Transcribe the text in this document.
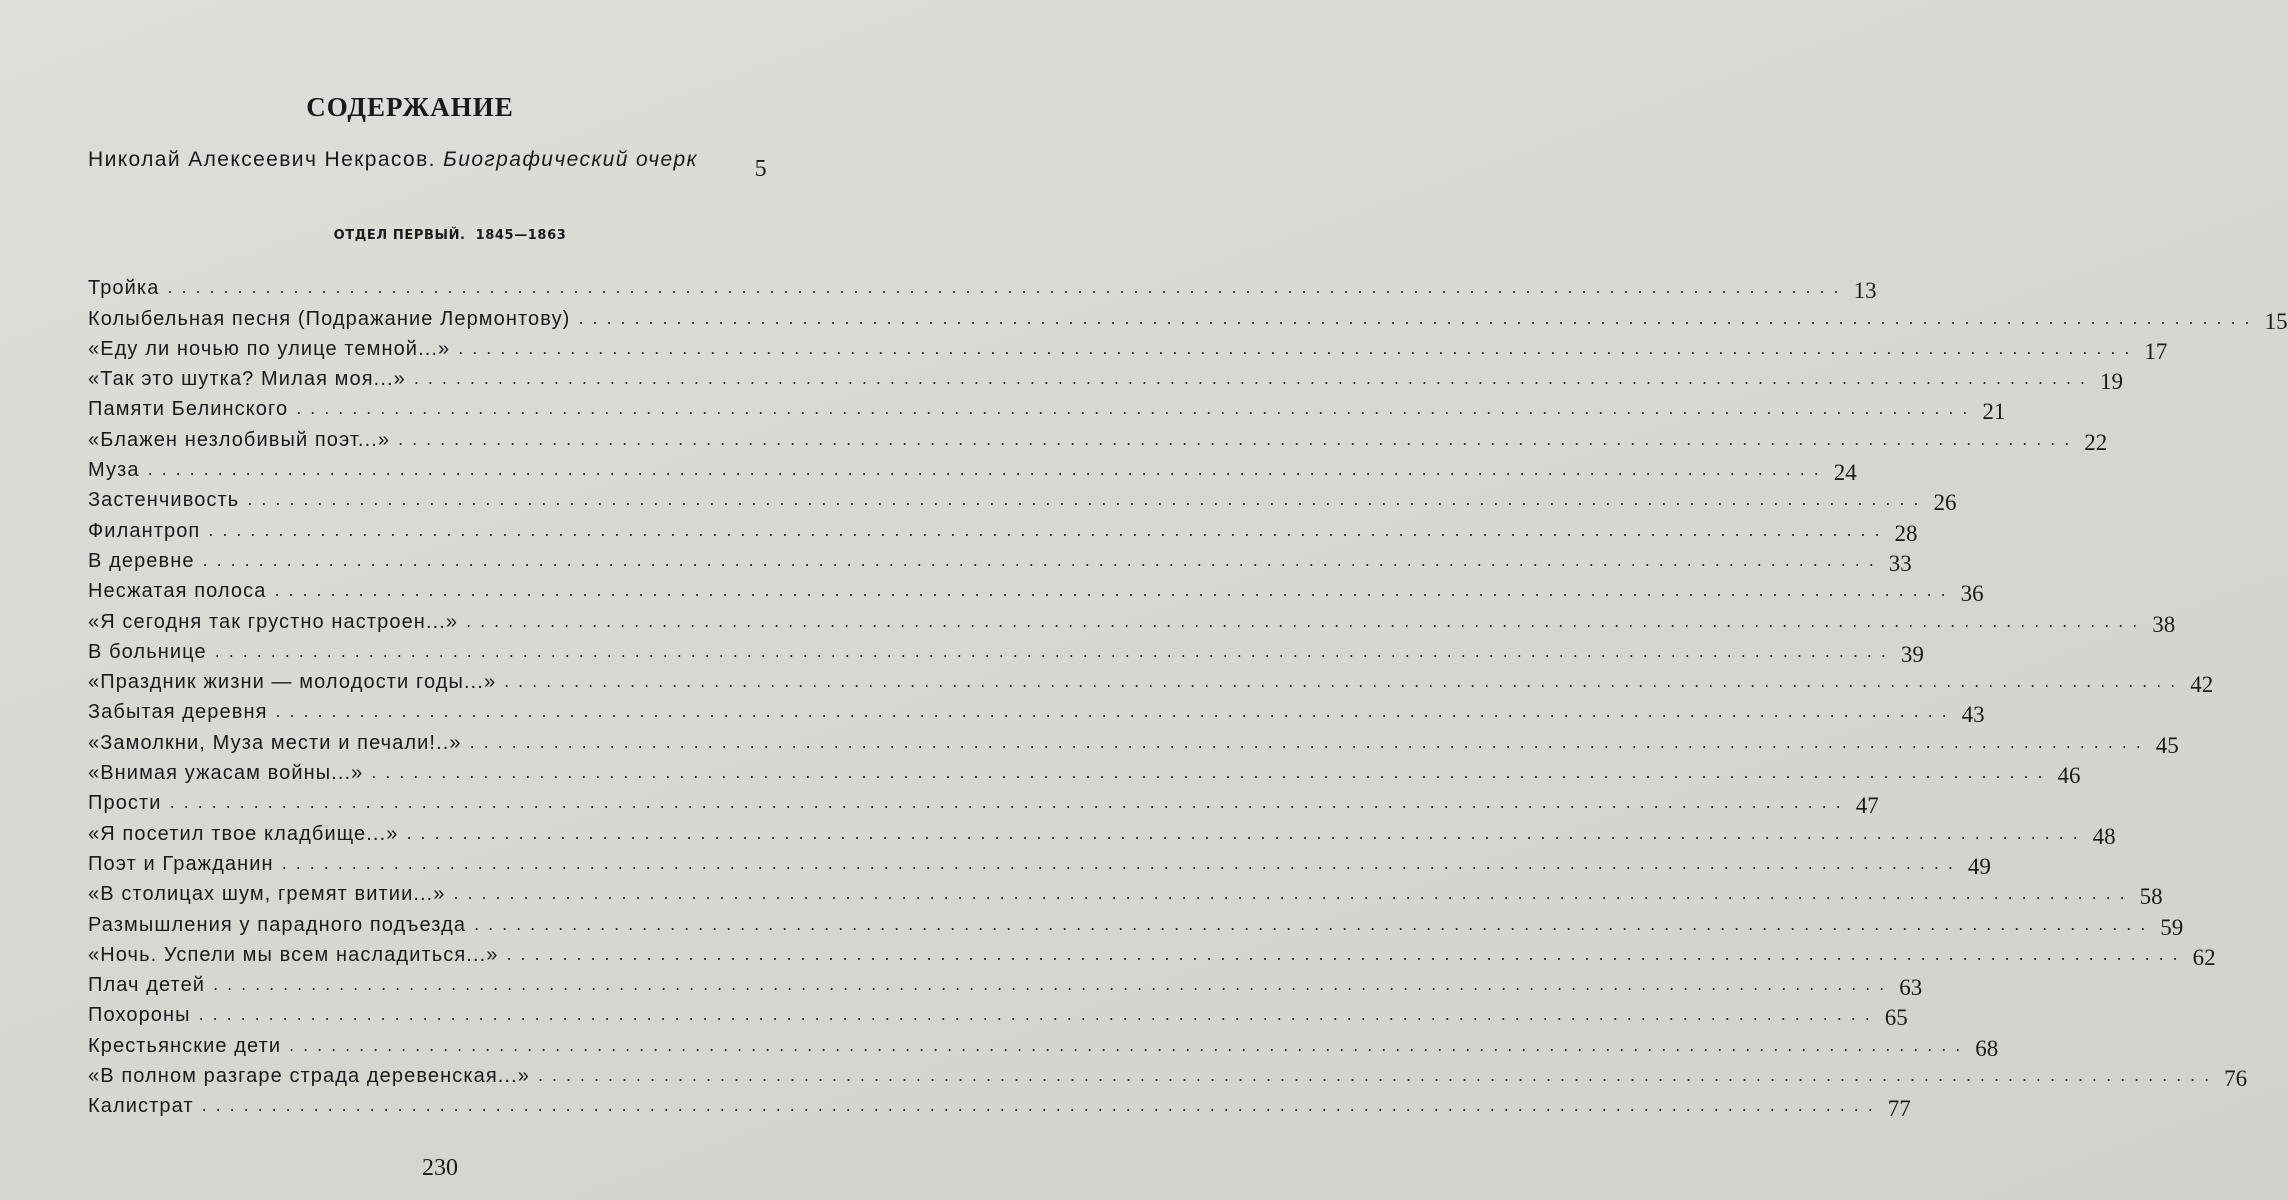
СОДЕРЖАНИЕ
Николай Алексеевич Некрасов. Биографический очерк 5
ОТДЕЛ ПЕРВЫЙ. 1845—1863
Тройка ........................................................................................................................ 13
Колыбельная песня (Подражание Лермонтову) ........................................................................................................................ 15
«Еду ли ночью по улице темной...» ........................................................................................................................ 17
«Так это шутка? Милая моя...» ........................................................................................................................ 19
Памяти Белинского ........................................................................................................................ 21
«Блажен незлобивый поэт...» ........................................................................................................................ 22
Муза ........................................................................................................................ 24
Застенчивость ........................................................................................................................ 26
Филантроп ........................................................................................................................ 28
В деревне ........................................................................................................................ 33
Несжатая полоса ........................................................................................................................ 36
«Я сегодня так грустно настроен...» ........................................................................................................................ 38
В больнице ........................................................................................................................ 39
«Праздник жизни — молодости годы...» ........................................................................................................................ 42
Забытая деревня ........................................................................................................................ 43
«Замолкни, Муза мести и печали!..» ........................................................................................................................ 45
«Внимая ужасам войны...» ........................................................................................................................ 46
Прости ........................................................................................................................ 47
«Я посетил твое кладбище...» ........................................................................................................................ 48
Поэт и Гражданин ........................................................................................................................ 49
«В столицах шум, гремят витии...» ........................................................................................................................ 58
Размышления у парадного подъезда ........................................................................................................................ 59
«Ночь. Успели мы всем насладиться...» ........................................................................................................................ 62
Плач детей ........................................................................................................................ 63
Похороны ........................................................................................................................ 65
Крестьянские дети ........................................................................................................................ 68
«В полном разгаре страда деревенская...» ........................................................................................................................ 76
Калистрат ........................................................................................................................ 77
230
